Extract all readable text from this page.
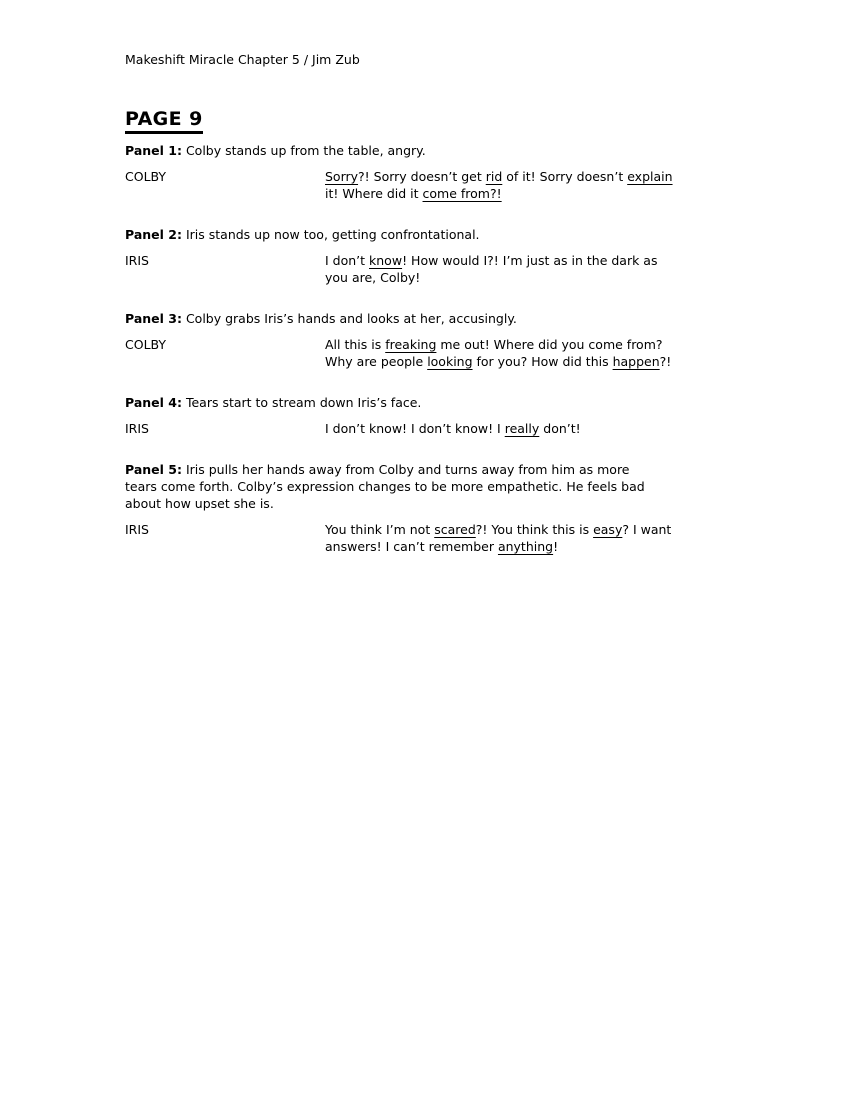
Makeshift Miracle Chapter 5 / Jim Zub
PAGE 9
Panel 1: Colby stands up from the table, angry.
COLBY	Sorry?! Sorry doesn’t get rid of it! Sorry doesn’t explain
it! Where did it come from?!
Panel 2: Iris stands up now too, getting confrontational.
IRIS	I don’t know! How would I?! I’m just as in the dark as
you are, Colby!
Panel 3: Colby grabs Iris’s hands and looks at her, accusingly.
COLBY	All this is freaking me out! Where did you come from?
Why are people looking for you? How did this happen?!
Panel 4: Tears start to stream down Iris’s face.
IRIS	I don’t know! I don’t know! I really don’t!
Panel 5: Iris pulls her hands away from Colby and turns away from him as more
tears come forth. Colby’s expression changes to be more empathetic. He feels bad
about how upset she is.
IRIS	You think I’m not scared?! You think this is easy? I want
answers! I can’t remember anything!
